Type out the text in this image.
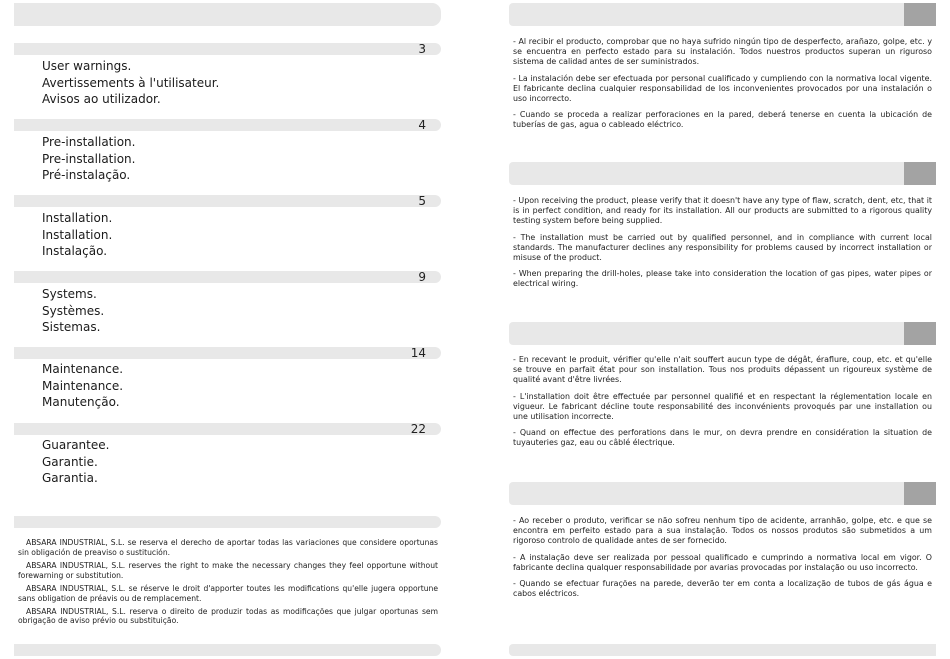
3
User warnings.
Avertissements à l'utilisateur.
Avisos ao utilizador.
4
Pre-installation.
Pre-installation.
Pré-instalação.
5
Installation.
Installation.
Instalação.
9
Systems.
Systèmes.
Sistemas.
14
Maintenance.
Maintenance.
Manutenção.
22
Guarantee.
Garantie.
Garantia.

ABSARA INDUSTRIAL, S.L. se reserva el derecho de aportar todas las variaciones que considere oportunas sin obligación de preaviso o sustitución.

ABSARA INDUSTRIAL, S.L. reserves the right to make the necessary changes they feel opportune without forewarning or substitution.

ABSARA INDUSTRIAL, S.L. se réserve le droit d'apporter toutes les modifications qu'elle jugera opportune sans obligation de préavis ou de remplacement.

ABSARA INDUSTRIAL, S.L. reserva o direito de produzir todas as modificações que julgar oportunas sem obrigação de aviso prévio ou substituição.

- Al recibir el producto, comprobar que no haya sufrido ningún tipo de desperfecto, arañazo, golpe, etc. y se encuentra en perfecto estado para su instalación. Todos nuestros productos superan un riguroso sistema de calidad antes de ser suministrados.

- La instalación debe ser efectuada por personal cualificado y cumpliendo con la normativa local vigente. El fabricante declina cualquier responsabilidad de los inconvenientes provocados por una instalación o uso incorrecto.

- Cuando se proceda a realizar perforaciones en la pared, deberá tenerse en cuenta la ubicación de tuberías de gas, agua o cableado eléctrico.

- Upon receiving the product, please verify that it doesn't have any type of flaw, scratch, dent, etc, that it is in perfect condition, and ready for its installation. All our products are submitted to a rigorous quality testing system before being supplied.

- The installation must be carried out by qualified personnel, and in compliance with current local standards. The manufacturer declines any responsibility for problems caused by incorrect installation or misuse of the product.

- When preparing the drill-holes, please take into consideration the location of gas pipes, water pipes or electrical wiring.

- En recevant le produit, vérifier qu'elle n'ait souffert aucun type de dégât, éraflure, coup, etc. et qu'elle se trouve en parfait état pour son installation. Tous nos produits dépassent un rigoureux système de qualité avant d'être livrées.

- L'installation doit être effectuée par personnel qualifié et en respectant la réglementation locale en vigueur. Le fabricant décline toute responsabilité des inconvénients provoqués par une installation ou une utilisation incorrecte.

- Quand on effectue des perforations dans le mur, on devra prendre en considération la situation de tuyauteries gaz, eau ou câblé électrique.

- Ao receber o produto, verificar se não sofreu nenhum tipo de acidente, arranhão, golpe, etc. e que se encontra em perfeito estado para a sua instalação. Todos os nossos produtos são submetidos a um rigoroso controlo de qualidade antes de ser fornecido.

- A instalação deve ser realizada por pessoal qualificado e cumprindo a normativa local em vigor. O fabricante declina qualquer responsabilidade por avarias provocadas por instalação ou uso incorrecto.

- Quando se efectuar furações na parede, deverão ter em conta a localização de tubos de gás água e cabos eléctricos.
